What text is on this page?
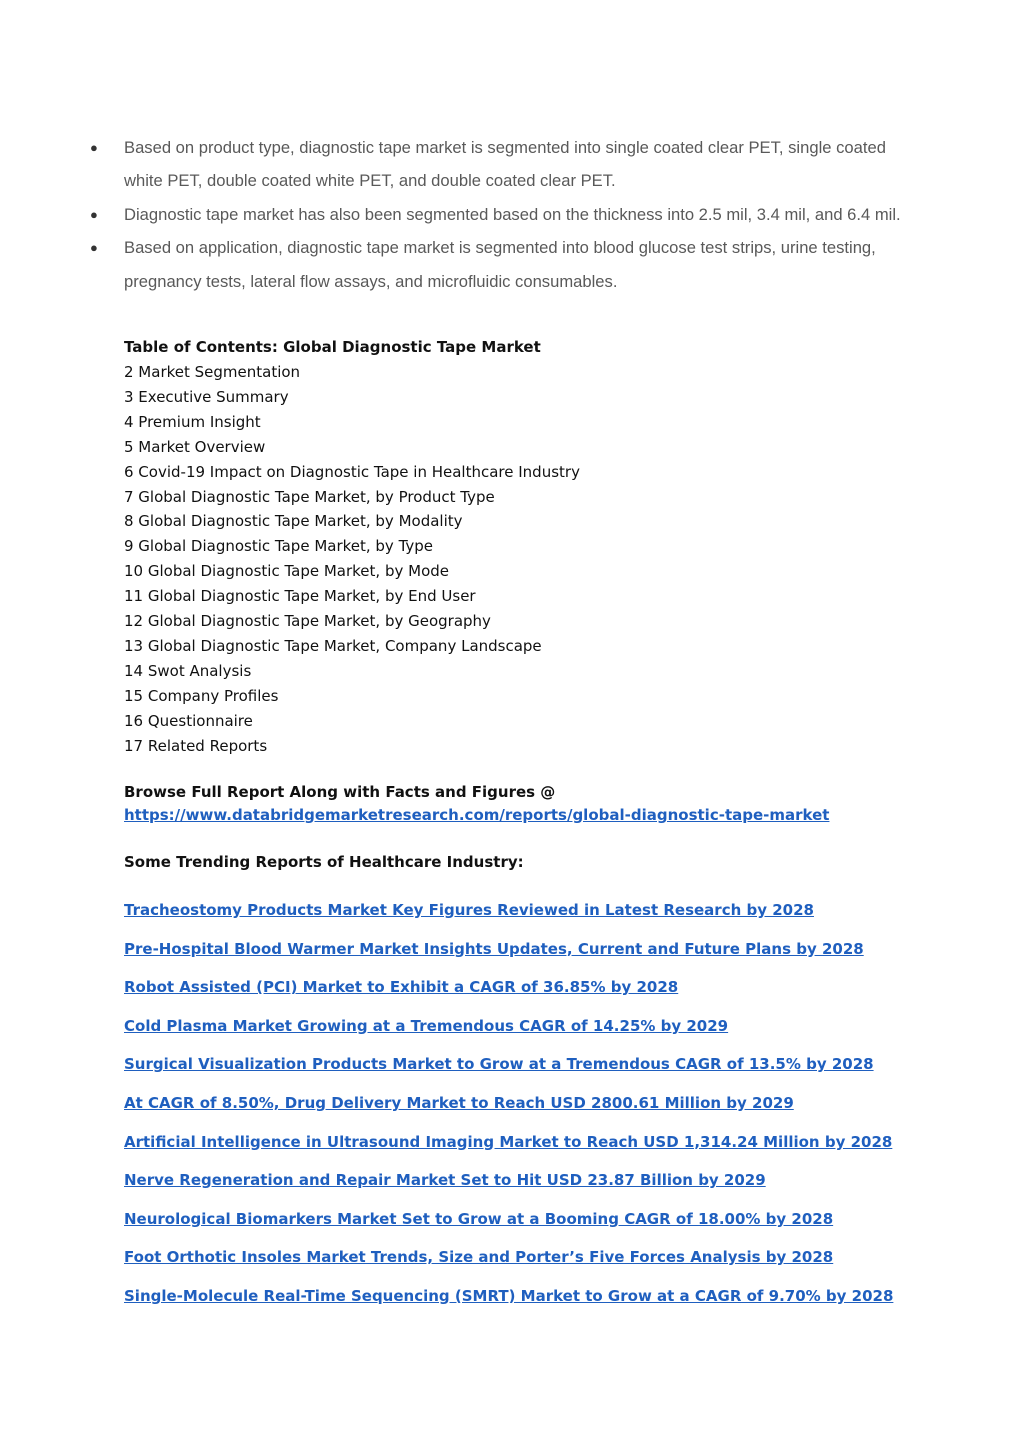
● Based on product type, diagnostic tape market is segmented into single coated clear PET, single coated white PET, double coated white PET, and double coated clear PET.
● Diagnostic tape market has also been segmented based on the thickness into 2.5 mil, 3.4 mil, and 6.4 mil.
● Based on application, diagnostic tape market is segmented into blood glucose test strips, urine testing, pregnancy tests, lateral flow assays, and microfluidic consumables.
Table of Contents: Global Diagnostic Tape Market
2 Market Segmentation
3 Executive Summary
4 Premium Insight
5 Market Overview
6 Covid-19 Impact on Diagnostic Tape in Healthcare Industry
7 Global Diagnostic Tape Market, by Product Type
8 Global Diagnostic Tape Market, by Modality
9 Global Diagnostic Tape Market, by Type
10 Global Diagnostic Tape Market, by Mode
11 Global Diagnostic Tape Market, by End User
12 Global Diagnostic Tape Market, by Geography
13 Global Diagnostic Tape Market, Company Landscape
14 Swot Analysis
15 Company Profiles
16 Questionnaire
17 Related Reports
Browse Full Report Along with Facts and Figures @
https://www.databridgemarketresearch.com/reports/global-diagnostic-tape-market
Some Trending Reports of Healthcare Industry:
Tracheostomy Products Market Key Figures Reviewed in Latest Research by 2028
Pre-Hospital Blood Warmer Market Insights Updates, Current and Future Plans by 2028
Robot Assisted (PCI) Market to Exhibit a CAGR of 36.85% by 2028
Cold Plasma Market Growing at a Tremendous CAGR of 14.25% by 2029
Surgical Visualization Products Market to Grow at a Tremendous CAGR of 13.5% by 2028
At CAGR of 8.50%, Drug Delivery Market to Reach USD 2800.61 Million by 2029
Artificial Intelligence in Ultrasound Imaging Market to Reach USD 1,314.24 Million by 2028
Nerve Regeneration and Repair Market Set to Hit USD 23.87 Billion by 2029
Neurological Biomarkers Market Set to Grow at a Booming CAGR of 18.00% by 2028
Foot Orthotic Insoles Market Trends, Size and Porter’s Five Forces Analysis by 2028
Single-Molecule Real-Time Sequencing (SMRT) Market to Grow at a CAGR of 9.70% by 2028
